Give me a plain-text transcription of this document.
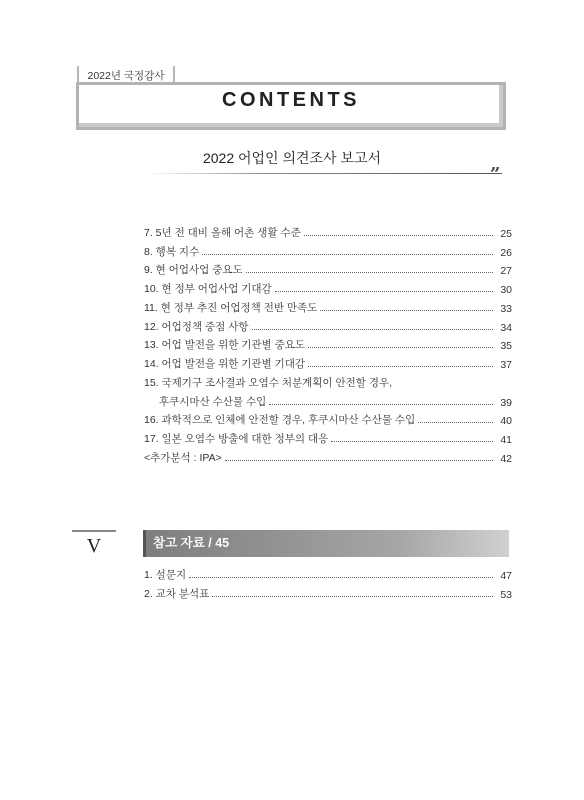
2022년 국정감사
CONTENTS
2022 어업인 의견조사 보고서
”
7. 5년 전 대비 올해 어촌 생활 수준	25
8. 행복 지수	26
9. 현 어업사업 중요도	27
10. 현 정부 어업사업 기대감	30
11. 현 정부 추진 어업정책 전반 만족도	33
12. 어업정책 중점 사항	34
13. 어업 발전을 위한 기관별 중요도	35
14. 어업 발전을 위한 기관별 기대감	37
15. 국제기구 조사결과 오염수 처분계획이 안전할 경우,
후쿠시마산 수산물 수입	39
16. 과학적으로 인체에 안전할 경우, 후쿠시마산 수산물 수입	40
17. 일본 오염수 방출에 대한 정부의 대응	41
<추가분석 : IPA>	42
V	참고 자료 / 45
1. 설문지	47
2. 교차 분석표	53
